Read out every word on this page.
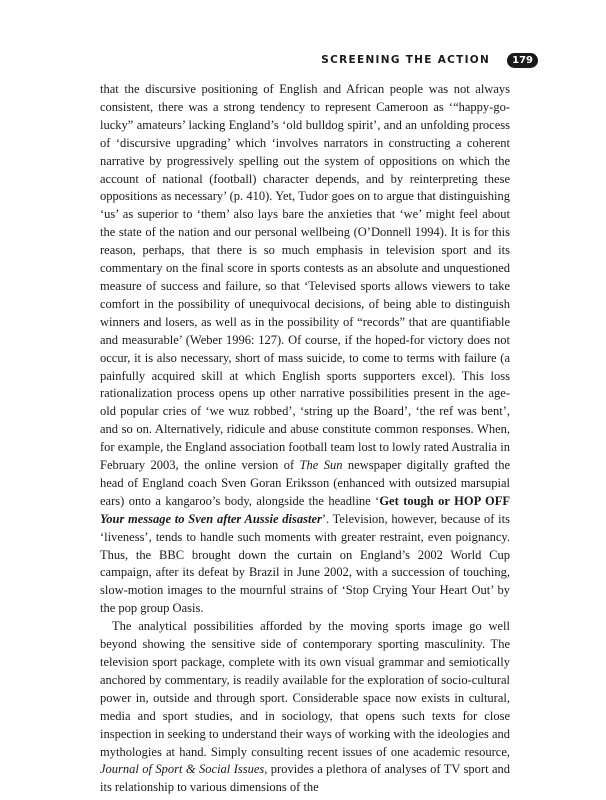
SCREENING THE ACTION	179

that the discursive positioning of English and African people was not always consistent, there was a strong tendency to represent Cameroon as ‘“happy-go-lucky” amateurs’ lacking England’s ‘old bulldog spirit’, and an unfolding process of ‘discursive upgrading’ which ‘involves narrators in constructing a coherent narrative by progressively spelling out the system of oppositions on which the account of national (football) character depends, and by reinterpreting these oppositions as necessary’ (p. 410). Yet, Tudor goes on to argue that distinguishing ‘us’ as superior to ‘them’ also lays bare the anxieties that ‘we’ might feel about the state of the nation and our personal wellbeing (O’Donnell 1994). It is for this reason, perhaps, that there is so much emphasis in television sport and its commentary on the final score in sports contests as an absolute and unquestioned measure of success and failure, so that ‘Televised sports allows viewers to take comfort in the possibility of unequivocal decisions, of being able to distinguish winners and losers, as well as in the possibility of “records” that are quantifiable and measurable’ (Weber 1996: 127). Of course, if the hoped-for victory does not occur, it is also necessary, short of mass suicide, to come to terms with failure (a painfully acquired skill at which English sports supporters excel). This loss rationalization process opens up other narrative possibilities present in the age-old popular cries of ‘we wuz robbed’, ‘string up the Board’, ‘the ref was bent’, and so on. Alternatively, ridicule and abuse constitute common responses. When, for example, the England association football team lost to lowly rated Australia in February 2003, the online version of The Sun newspaper digitally grafted the head of England coach Sven Goran Eriksson (enhanced with outsized marsupial ears) onto a kangaroo’s body, alongside the headline ‘Get tough or HOP OFF Your message to Sven after Aussie disaster’. Television, however, because of its ‘liveness’, tends to handle such moments with greater restraint, even poignancy. Thus, the BBC brought down the curtain on England’s 2002 World Cup campaign, after its defeat by Brazil in June 2002, with a succession of touching, slow-motion images to the mournful strains of ‘Stop Crying Your Heart Out’ by the pop group Oasis.

The analytical possibilities afforded by the moving sports image go well beyond showing the sensitive side of contemporary sporting masculinity. The television sport package, complete with its own visual grammar and semiotically anchored by commentary, is readily available for the exploration of socio-cultural power in, outside and through sport. Considerable space now exists in cultural, media and sport studies, and in sociology, that opens such texts for close inspection in seeking to understand their ways of working with the ideologies and mythologies at hand. Simply consulting recent issues of one academic resource, Journal of Sport & Social Issues, provides a plethora of analyses of TV sport and its relationship to various dimensions of the
